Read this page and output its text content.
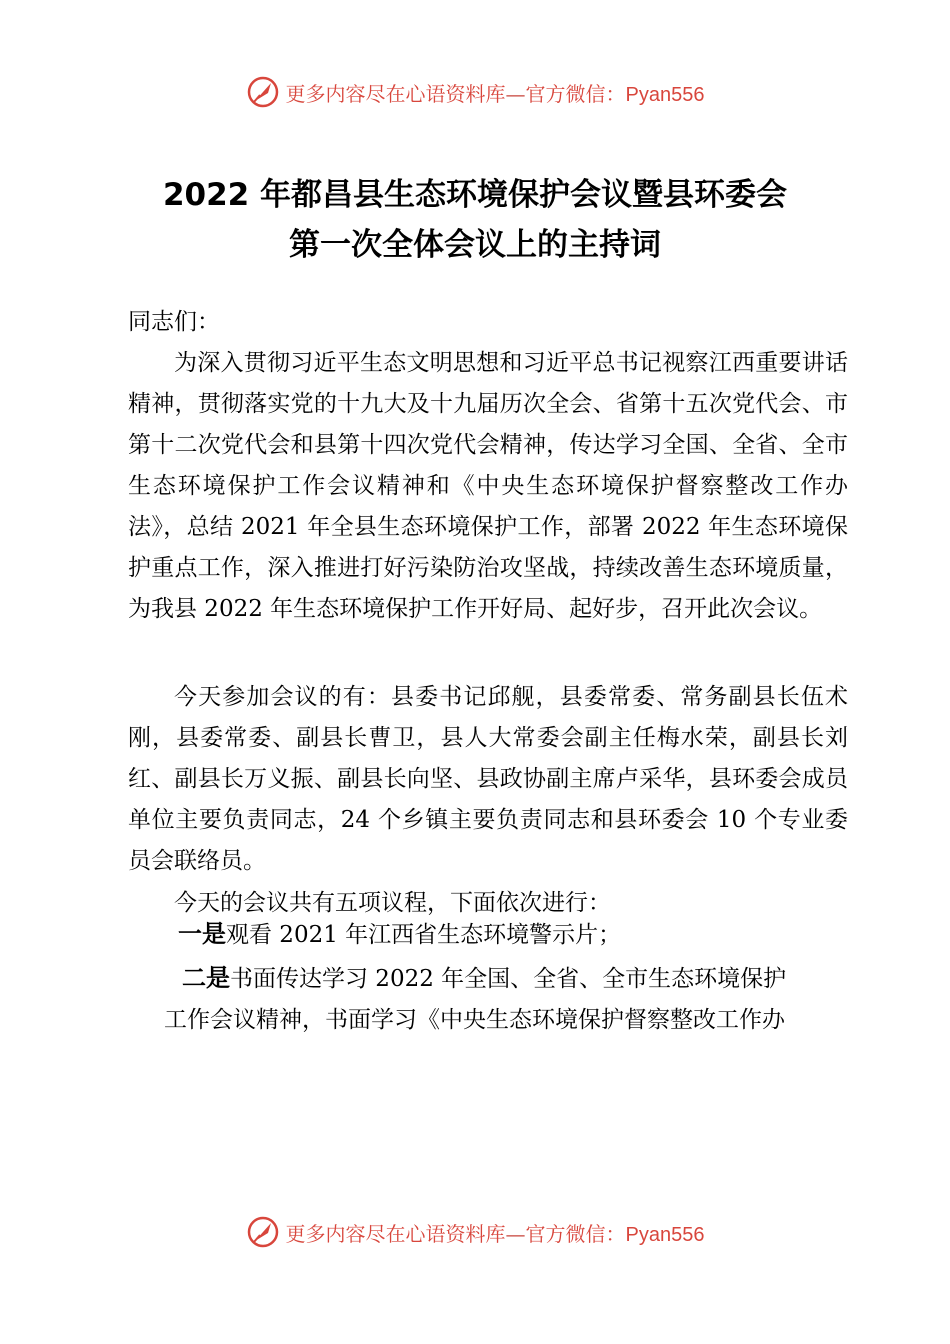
更多内容尽在心语资料库—官方微信：Pyan556
2022 年都昌县生态环境保护会议暨县环委会
第一次全体会议上的主持词
同志们：
为深入贯彻习近平生态文明思想和习近平总书记视察江西重要讲话精神，贯彻落实党的十九大及十九届历次全会、省第十五次党代会、市第十二次党代会和县第十四次党代会精神，传达学习全国、全省、全市生态环境保护工作会议精神和《中央生态环境保护督察整改工作办法》，总结 2021 年全县生态环境保护工作，部署 2022 年生态环境保护重点工作，深入推进打好污染防治攻坚战，持续改善生态环境质量，为我县 2022 年生态环境保护工作开好局、起好步，召开此次会议。
今天参加会议的有：县委书记邱舰，县委常委、常务副县长伍术刚，县委常委、副县长曹卫，县人大常委会副主任梅水荣，副县长刘红、副县长万义振、副县长向坚、县政协副主席卢采华，县环委会成员单位主要负责同志，24 个乡镇主要负责同志和县环委会 10 个专业委员会联络员。
今天的会议共有五项议程，下面依次进行：
一是观看 2021 年江西省生态环境警示片；
二是书面传达学习 2022 年全国、全省、全市生态环境保护
工作会议精神，书面学习《中央生态环境保护督察整改工作办
更多内容尽在心语资料库—官方微信：Pyan556
